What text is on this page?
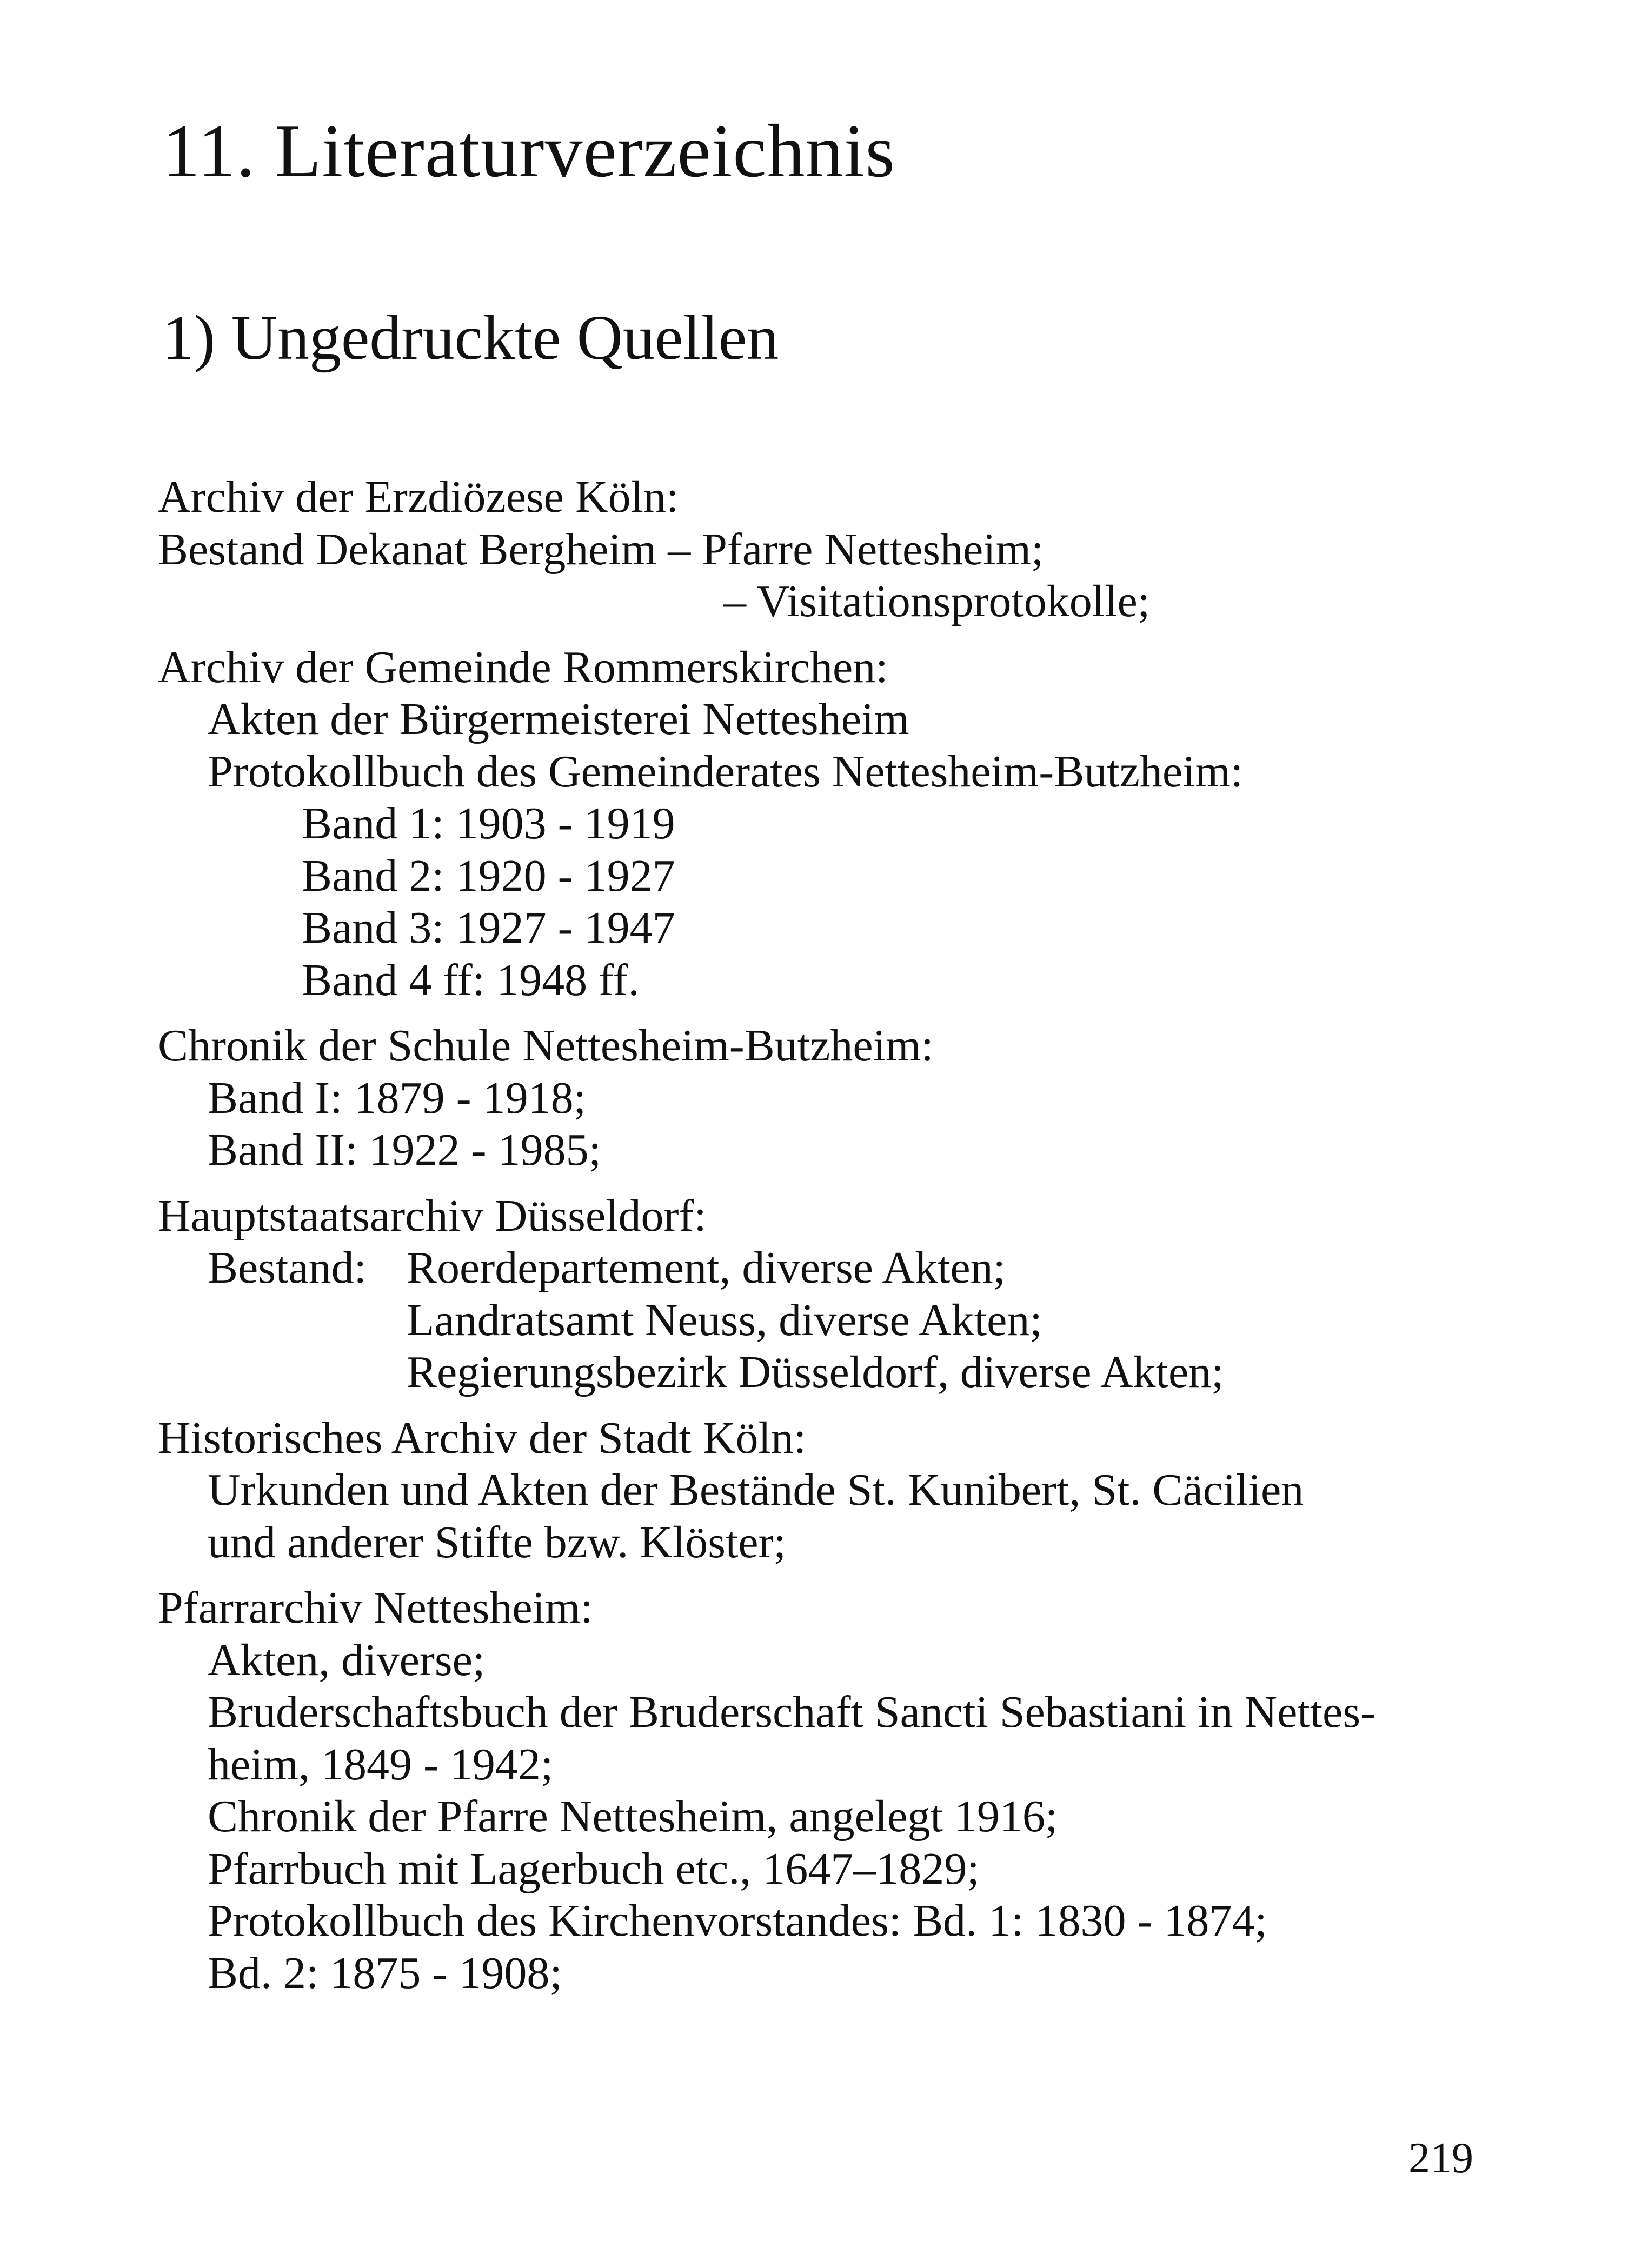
11. Literaturverzeichnis
1) Ungedruckte Quellen
Archiv der Erzdiözese Köln:
Bestand Dekanat Bergheim – Pfarre Nettesheim;
– Visitationsprotokolle;
Archiv der Gemeinde Rommerskirchen:
Akten der Bürgermeisterei Nettesheim
Protokollbuch des Gemeinderates Nettesheim-Butzheim:
Band 1: 1903 - 1919
Band 2: 1920 - 1927
Band 3: 1927 - 1947
Band 4 ff: 1948 ff.
Chronik der Schule Nettesheim-Butzheim:
Band I: 1879 - 1918;
Band II: 1922 - 1985;
Hauptstaatsarchiv Düsseldorf:
Bestand: Roerdepartement, diverse Akten;
Landratsamt Neuss, diverse Akten;
Regierungsbezirk Düsseldorf, diverse Akten;
Historisches Archiv der Stadt Köln:
Urkunden und Akten der Bestände St. Kunibert, St. Cäcilien
und anderer Stifte bzw. Klöster;
Pfarrarchiv Nettesheim:
Akten, diverse;
Bruderschaftsbuch der Bruderschaft Sancti Sebastiani in Nettes-
heim, 1849 - 1942;
Chronik der Pfarre Nettesheim, angelegt 1916;
Pfarrbuch mit Lagerbuch etc., 1647–1829;
Protokollbuch des Kirchenvorstandes: Bd. 1: 1830 - 1874;
Bd. 2: 1875 - 1908;
219
